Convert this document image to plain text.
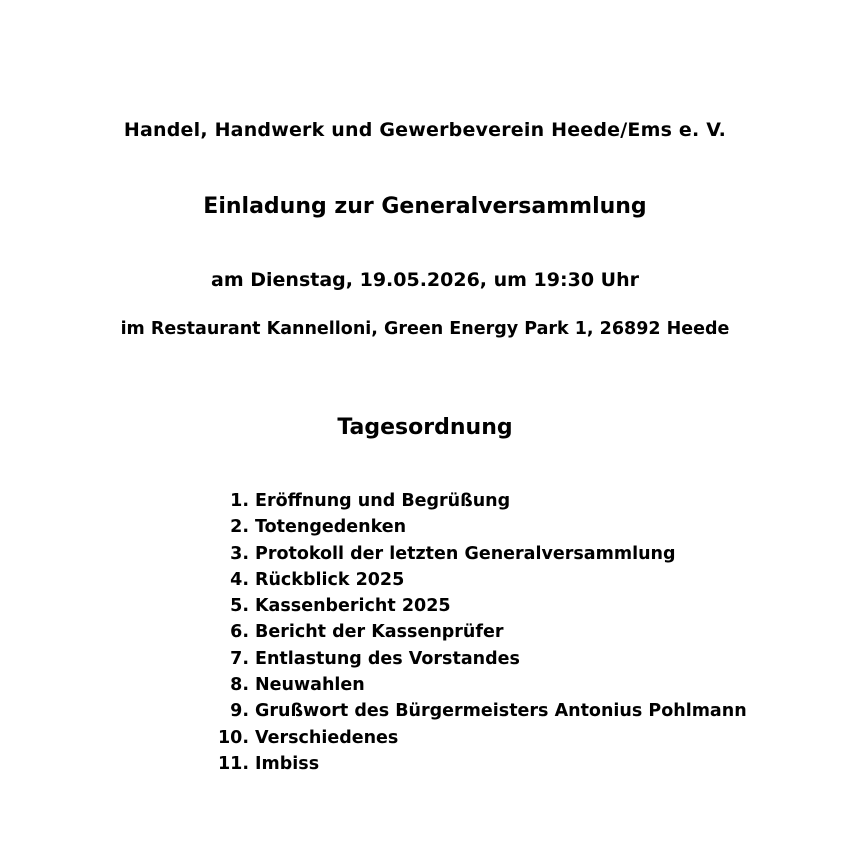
Handel, Handwerk und Gewerbeverein Heede/Ems e. V.

Einladung zur Generalversammlung

am Dienstag, 19.05.2026, um 19:30 Uhr

im Restaurant Kannelloni, Green Energy Park 1, 26892 Heede

Tagesordnung

1. Eröffnung und Begrüßung
2. Totengedenken
3. Protokoll der letzten Generalversammlung
4. Rückblick 2025
5. Kassenbericht 2025
6. Bericht der Kassenprüfer
7. Entlastung des Vorstandes
8. Neuwahlen
9. Grußwort des Bürgermeisters Antonius Pohlmann
10. Verschiedenes
11. Imbiss
